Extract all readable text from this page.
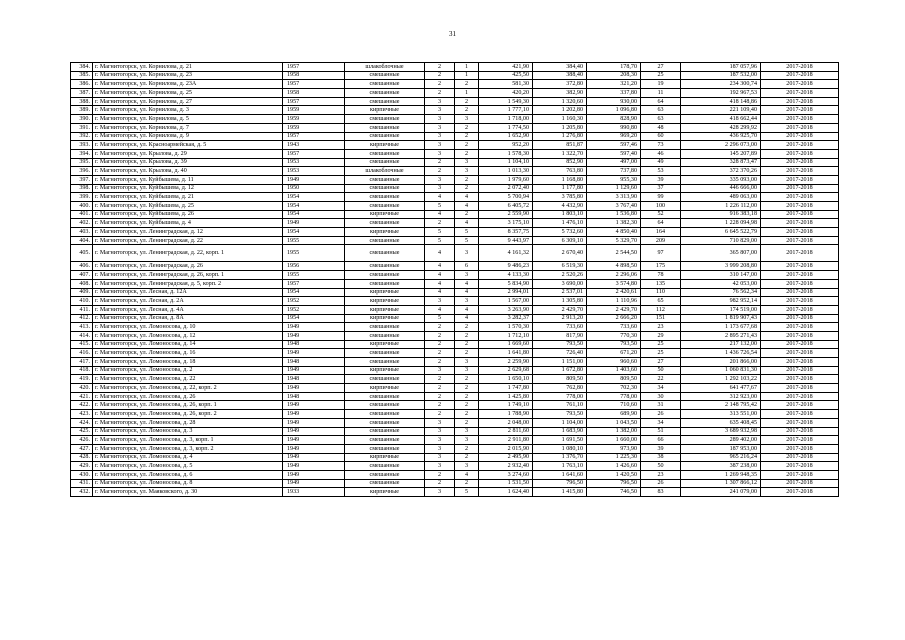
31
384.	г. Магнитогорск, ул. Корнилова, д. 21	1957	шлакоблочные	2	1	421,90	384,40	178,70	27	187 057,96	2017-2018
385.	г. Магнитогорск, ул. Корнилова, д. 23	1958	смешанные	2	1	425,50	388,40	208,30	25	187 532,00	2017-2018
386.	г. Магнитогорск, ул. Корнилова, д. 23А	1957	смешанные	2	2	581,30	372,80	321,20	19	234 300,74	2017-2018
387.	г. Магнитогорск, ул. Корнилова, д. 25	1958	смешанные	2	1	420,20	382,90	337,80	11	192 967,53	2017-2018
388.	г. Магнитогорск, ул. Корнилова, д. 27	1957	смешанные	3	2	1 549,30	1 320,60	930,00	64	418 148,86	2017-2018
389.	г. Магнитогорск, ул. Корнилова, д. 3	1959	кирпичные	3	2	1 777,10	1 202,80	1 096,80	63	221 109,40	2017-2018
390.	г. Магнитогорск, ул. Корнилова, д. 5	1959	смешанные	3	3	1 718,00	1 160,30	828,90	63	418 662,44	2017-2018
391.	г. Магнитогорск, ул. Корнилова, д. 7	1959	смешанные	3	2	1 774,50	1 205,80	990,80	48	428 299,92	2017-2018
392.	г. Магнитогорск, ул. Корнилова, д. 9	1957	смешанные	3	2	1 652,90	1 276,80	969,20	60	436 925,70	2017-2018
393.	г. Магнитогорск, ул. Красноармейская, д. 5	1943	кирпичные	3	2	952,20	851,87	597,46	73	2 296 073,00	2017-2018
394.	г. Магнитогорск, ул. Крылова, д. 29	1957	смешанные	3	2	1 578,30	1 322,70	597,40	46	145 207,89	2017-2018
395.	г. Магнитогорск, ул. Крылова, д. 39	1953	смешанные	2	3	1 104,10	852,90	497,00	49	328 873,47	2017-2018
396.	г. Магнитогорск, ул. Крылова, д. 40	1953	шлакоблочные	2	3	1 013,30	763,80	737,80	53	372 370,26	2017-2018
397.	г. Магнитогорск, ул. Куйбышева, д. 11	1949	смешанные	3	2	1 979,60	1 168,80	955,30	39	335 093,00	2017-2018
398.	г. Магнитогорск, ул. Куйбышева, д. 12	1950	смешанные	3	2	2 072,40	1 177,80	1 129,60	37	446 666,00	2017-2018
399.	г. Магнитогорск, ул. Куйбышева, д. 21	1954	смешанные	4	4	5 700,94	3 785,80	3 313,90	99	489 063,00	2017-2018
400.	г. Магнитогорск, ул. Куйбышева, д. 25	1954	смешанные	5	4	6 405,72	4 432,90	3 767,40	100	1 226 112,00	2017-2018
401.	г. Магнитогорск, ул. Куйбышева, д. 26	1954	кирпичные	4	2	2 559,90	1 803,10	1 536,80	52	916 383,18	2017-2018
402.	г. Магнитогорск, ул. Куйбышева, д. 4	1949	смешанные	2	4	3 175,10	1 476,10	1 382,30	64	1 228 094,98	2017-2018
403.	г. Магнитогорск, ул. Ленинградская, д. 12	1954	кирпичные	5	5	8 357,75	5 732,60	4 850,40	164	6 645 522,79	2017-2018
404.	г. Магнитогорск, ул. Ленинградская, д. 22	1955	смешанные	5	5	9 443,97	6 309,10	5 329,70	209	710 829,00	2017-2018
405.	г. Магнитогорск, ул. Ленинградская, д. 22, корп. 1	1955	смешанные	4	3	4 161,32	2 670,40	2 544,50	97	365 807,00	2017-2018
406.	г. Магнитогорск, ул. Ленинградская, д. 26	1956	смешанные	4	6	9 486,23	6 519,30	4 898,50	175	3 999 208,80	2017-2018
407.	г. Магнитогорск, ул. Ленинградская, д. 26, корп. 1	1955	смешанные	4	3	4 133,30	2 520,26	2 296,06	78	310 147,00	2017-2018
408.	г. Магнитогорск, ул. Ленинградская, д. 5, корп. 2	1957	смешанные	4	4	5 834,90	3 690,00	3 574,80	135	42 053,00	2017-2018
409.	г. Магнитогорск, ул. Лесная, д. 12А	1954	кирпичные	4	4	2 994,01	2 537,01	2 420,61	110	76 562,34	2017-2018
410.	г. Магнитогорск, ул. Лесная, д. 2А	1952	кирпичные	3	3	1 567,00	1 305,80	1 110,96	65	982 952,14	2017-2018
411.	г. Магнитогорск, ул. Лесная, д. 4А	1952	кирпичные	4	4	3 263,90	2 429,70	2 429,70	112	174 519,00	2017-2018
412.	г. Магнитогорск, ул. Лесная, д. 8А	1954	кирпичные	5	4	3 282,37	2 913,20	2 666,20	151	1 819 907,43	2017-2018
413.	г. Магнитогорск, ул. Ломоносова, д. 10	1949	смешанные	2	2	1 570,30	733,60	733,60	23	1 173 677,68	2017-2018
414.	г. Магнитогорск, ул. Ломоносова, д. 12	1949	смешанные	2	2	1 712,10	817,90	770,30	29	2 895 271,43	2017-2018
415.	г. Магнитогорск, ул. Ломоносова, д. 14	1948	кирпичные	2	2	1 669,60	793,50	793,50	25	217 132,00	2017-2018
416.	г. Магнитогорск, ул. Ломоносова, д. 16	1949	смешанные	2	2	1 641,80	726,40	671,20	25	1 436 726,54	2017-2018
417.	г. Магнитогорск, ул. Ломоносова, д. 18	1948	смешанные	2	3	2 259,90	1 151,00	960,60	27	201 866,00	2017-2018
418.	г. Магнитогорск, ул. Ломоносова, д. 2	1949	кирпичные	3	3	2 629,68	1 672,80	1 403,60	50	1 060 831,30	2017-2018
419.	г. Магнитогорск, ул. Ломоносова, д. 22	1948	смешанные	2	2	1 650,10	809,50	809,50	22	1 292 103,22	2017-2018
420.	г. Магнитогорск, ул. Ломоносова, д. 22, корп. 2	1949	кирпичные	2	2	1 747,80	762,80	702,30	34	641 477,67	2017-2018
421.	г. Магнитогорск, ул. Ломоносова, д. 26	1948	смешанные	2	2	1 425,80	778,00	778,00	30	312 923,00	2017-2018
422.	г. Магнитогорск, ул. Ломоносова, д. 26, корп. 1	1949	смешанные	2	2	1 749,10	761,10	710,60	31	2 148 795,42	2017-2018
423.	г. Магнитогорск, ул. Ломоносова, д. 26, корп. 2	1949	смешанные	2	2	1 788,90	793,50	689,90	26	313 551,00	2017-2018
424.	г. Магнитогорск, ул. Ломоносова, д. 28	1949	смешанные	3	2	2 048,00	1 104,00	1 043,50	34	635 408,45	2017-2018
425.	г. Магнитогорск, ул. Ломоносова, д. 3	1949	смешанные	3	3	2 811,60	1 683,90	1 382,00	51	3 689 932,98	2017-2018
426.	г. Магнитогорск, ул. Ломоносова, д. 3, корп. 1	1949	смешанные	3	3	2 911,80	1 691,50	1 660,00	66	289 402,00	2017-2018
427.	г. Магнитогорск, ул. Ломоносова, д. 3, корп. 2	1949	смешанные	3	2	2 015,90	1 080,10	973,90	39	187 953,00	2017-2018
428.	г. Магнитогорск, ул. Ломоносова, д. 4	1949	кирпичные	3	2	2 495,90	1 376,70	1 225,30	38	965 216,24	2017-2018
429.	г. Магнитогорск, ул. Ломоносова, д. 5	1949	смешанные	3	3	2 932,40	1 763,10	1 426,60	50	387 238,00	2017-2018
430.	г. Магнитогорск, ул. Ломоносова, д. 6	1949	смешанные	2	4	3 274,60	1 641,60	1 420,50	23	1 269 948,35	2017-2018
431.	г. Магнитогорск, ул. Ломоносова, д. 8	1949	смешанные	2	2	1 531,50	796,50	796,50	26	1 307 866,12	2017-2018
432.	г. Магнитогорск, ул. Маяковского, д. 30	1933	кирпичные	3	5	1 624,40	1 415,80	746,50	83	241 079,00	2017-2018
